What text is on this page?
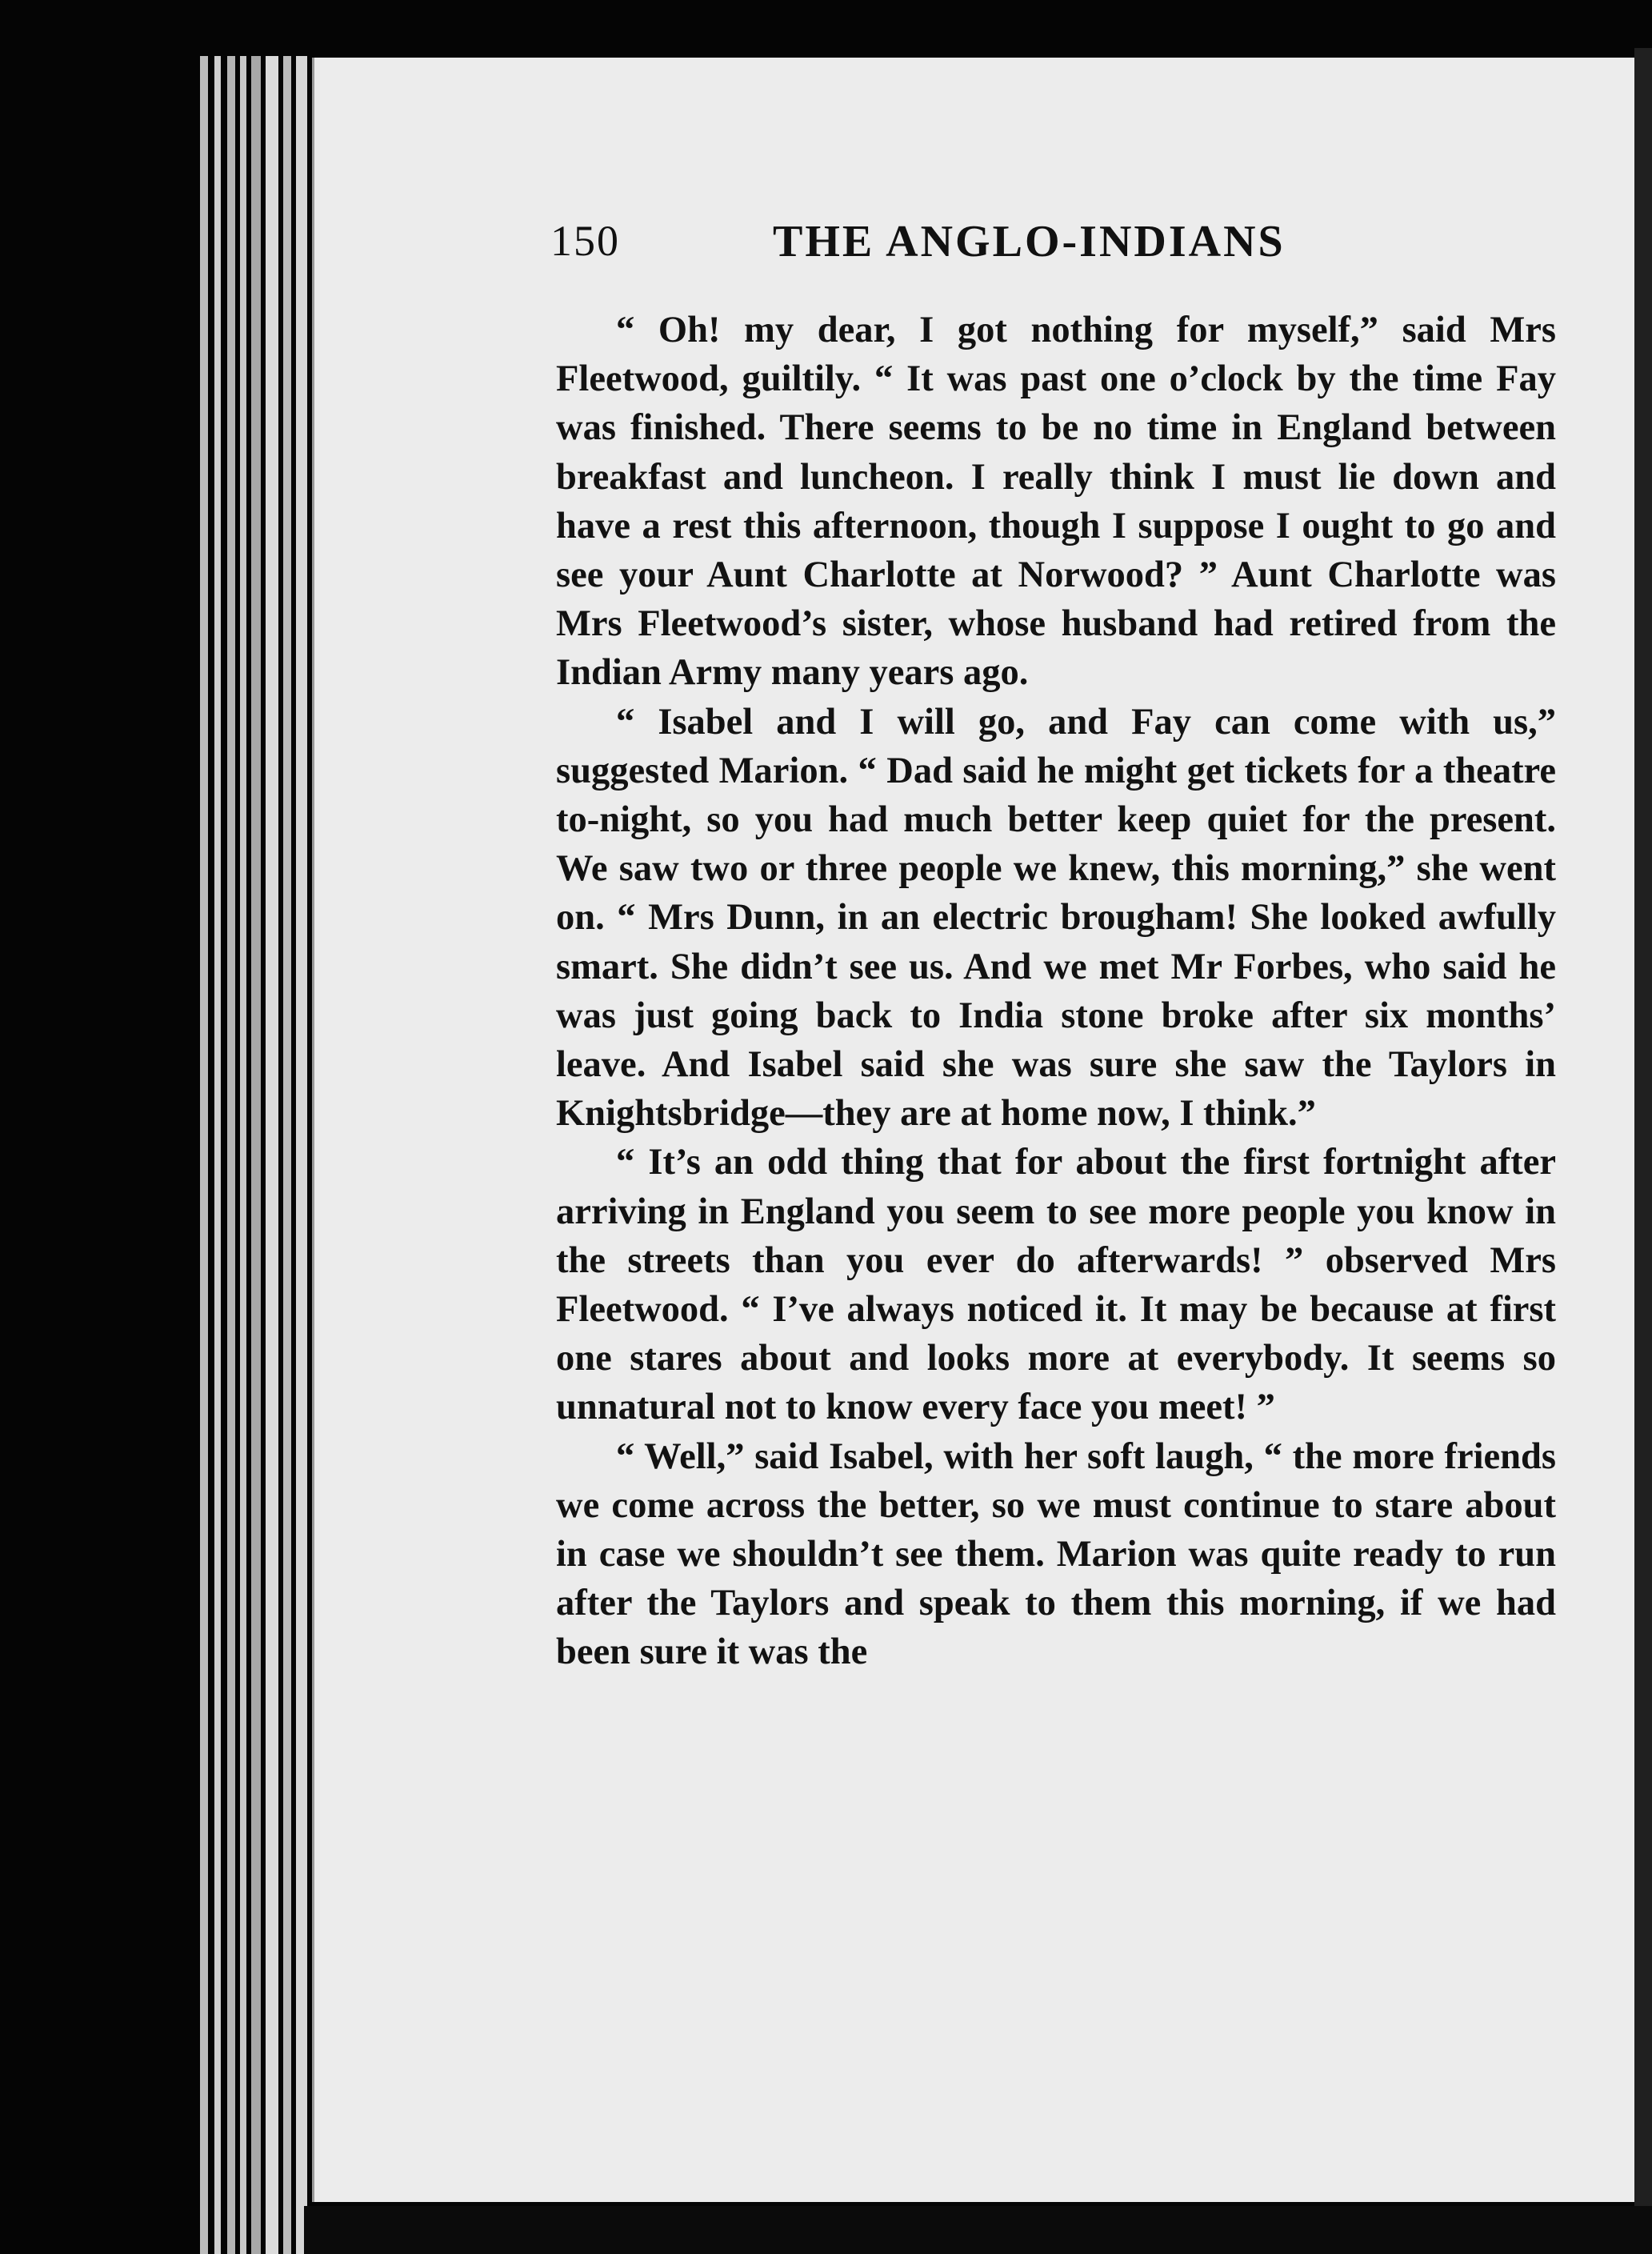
150	THE ANGLO-INDIANS

“ Oh! my dear, I got nothing for myself,” said Mrs Fleetwood, guiltily. “ It was past one o’clock by the time Fay was finished. There seems to be no time in England between breakfast and luncheon. I really think I must lie down and have a rest this afternoon, though I suppose I ought to go and see your Aunt Charlotte at Norwood? ” Aunt Charlotte was Mrs Fleetwood’s sister, whose husband had retired from the Indian Army many years ago.

“ Isabel and I will go, and Fay can come with us,” suggested Marion. “ Dad said he might get tickets for a theatre to-night, so you had much better keep quiet for the present. We saw two or three people we knew, this morning,” she went on. “ Mrs Dunn, in an electric brougham! She looked awfully smart. She didn’t see us. And we met Mr Forbes, who said he was just going back to India stone broke after six months’ leave. And Isabel said she was sure she saw the Taylors in Knightsbridge—they are at home now, I think.”

“ It’s an odd thing that for about the first fortnight after arriving in England you seem to see more people you know in the streets than you ever do afterwards! ” observed Mrs Fleetwood. “ I’ve always noticed it. It may be because at first one stares about and looks more at everybody. It seems so unnatural not to know every face you meet! ”

“ Well,” said Isabel, with her soft laugh, “ the more friends we come across the better, so we must continue to stare about in case we shouldn’t see them. Marion was quite ready to run after the Taylors and speak to them this morning, if we had been sure it was the
